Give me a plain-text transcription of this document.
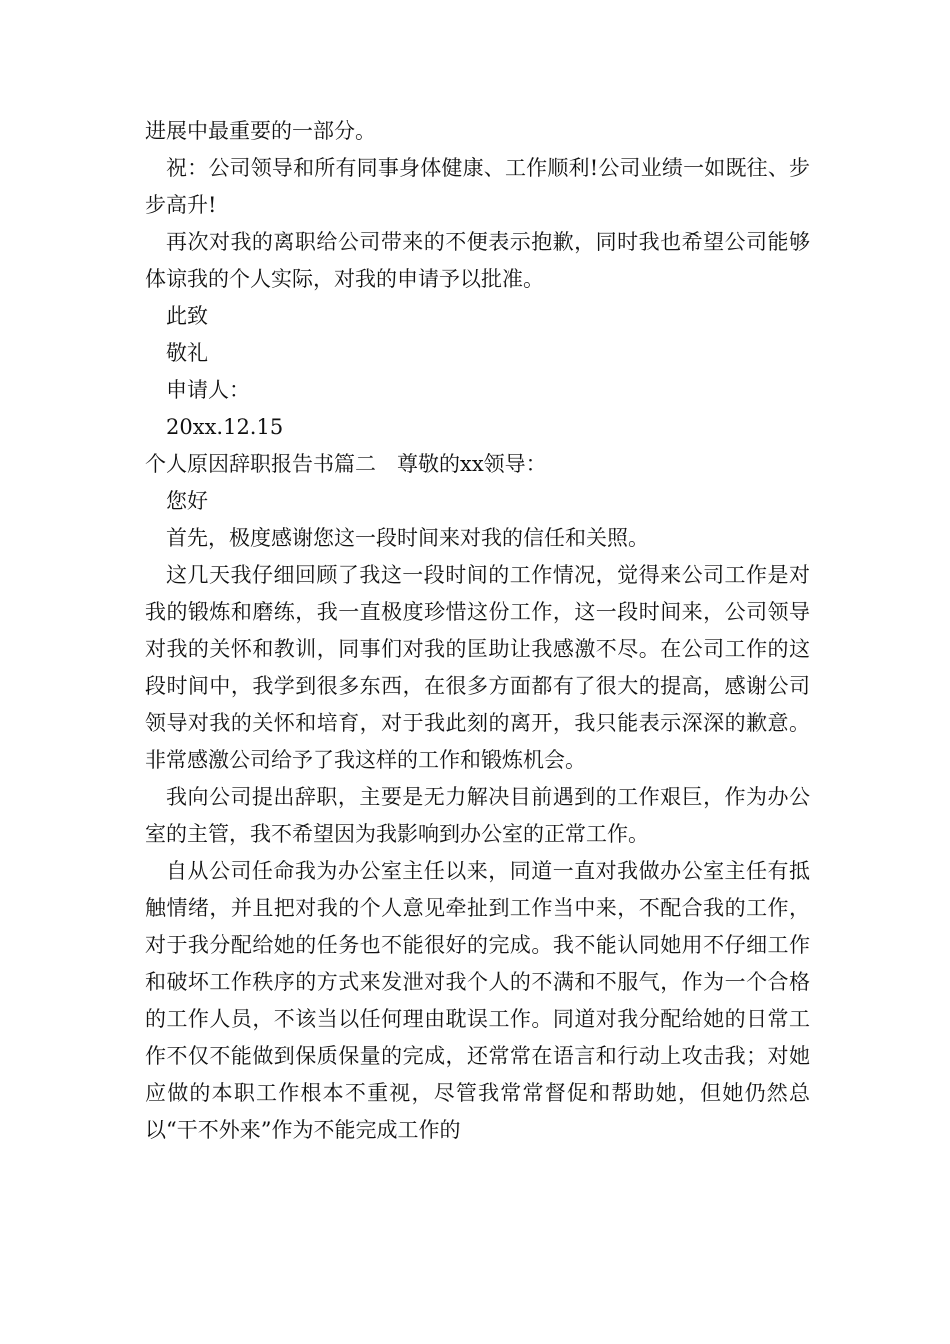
进展中最重要的一部分。

祝：公司领导和所有同事身体健康、工作顺利!公司业绩一如既往、步步高升!

再次对我的离职给公司带来的不便表示抱歉，同时我也希望公司能够体谅我的个人实际，对我的申请予以批准。

此致

敬礼

申请人：

20xx.12.15

个人原因辞职报告书篇二　尊敬的xx领导：

您好

首先，极度感谢您这一段时间来对我的信任和关照。

这几天我仔细回顾了我这一段时间的工作情况，觉得来公司工作是对我的锻炼和磨练，我一直极度珍惜这份工作，这一段时间来，公司领导对我的关怀和教训，同事们对我的匡助让我感激不尽。在公司工作的这段时间中，我学到很多东西，在很多方面都有了很大的提高，感谢公司领导对我的关怀和培育，对于我此刻的离开，我只能表示深深的歉意。非常感激公司给予了我这样的工作和锻炼机会。

我向公司提出辞职，主要是无力解决目前遇到的工作艰巨，作为办公室的主管，我不希望因为我影响到办公室的正常工作。

自从公司任命我为办公室主任以来，同道一直对我做办公室主任有抵触情绪，并且把对我的个人意见牵扯到工作当中来，不配合我的工作，对于我分配给她的任务也不能很好的完成。我不能认同她用不仔细工作和破坏工作秩序的方式来发泄对我个人的不满和不服气，作为一个合格的工作人员，不该当以任何理由耽误工作。同道对我分配给她的日常工作不仅不能做到保质保量的完成，还常常在语言和行动上攻击我；对她应做的本职工作根本不重视，尽管我常常督促和帮助她，但她仍然总以“干不外来”作为不能完成工作的
